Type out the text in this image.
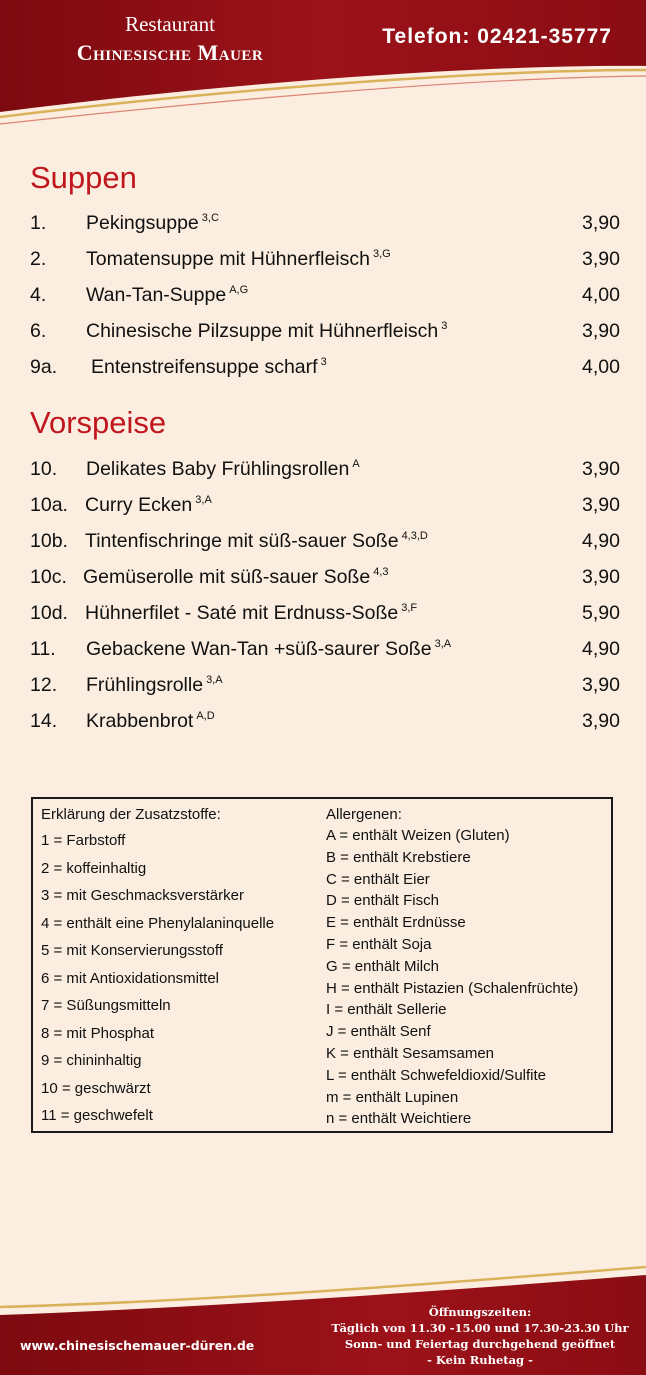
Restaurant
Chinesische Mauer
Telefon: 02421-35777
Suppen
1. Pekingsuppe $^{3,C}$	3,90
2. Tomatensuppe mit Hühnerfleisch $^{3,G}$	3,90
4. Wan-Tan-Suppe $^{A,G}$	4,00
6. Chinesische Pilzsuppe mit Hühnerfleisch $^3$	3,90
9a. Entenstreifensuppe scharf $^3$	4,00
Vorspeise
10. Delikates Baby Frühlingsrollen $^A$	3,90
10a. Curry Ecken $^{3,A}$	3,90
10b. Tintenfischringe mit süß-sauer Soße $^{4,3,D}$	4,90
10c. Gemüserolle mit süß-sauer Soße $^{4,3}$	3,90
10d. Hühnerfilet - Saté mit Erdnuss-Soße $^{3,F}$	5,90
11. Gebackene Wan-Tan +süß-saurer Soße $^{3,A}$	4,90
12. Frühlingsrolle $^{3,A}$	3,90
14. Krabbenbrot $^{A,D}$	3,90
Erklärung der Zusatzstoffe:
1 = Farbstoff
2 = koffeinhaltig
3 = mit Geschmacksverstärker
4 = enthält eine Phenylalaninquelle
5 = mit Konservierungsstoff
6 = mit Antioxidationsmittel
7 = Süßungsmitteln
8 = mit Phosphat
9 = chininhaltig
10 = geschwärzt
11 = geschwefelt
Allergenen:
A = enthält Weizen (Gluten)
B = enthält Krebstiere
C = enthält Eier
D = enthält Fisch
E = enthält Erdnüsse
F = enthält Soja
G = enthält Milch
H = enthält Pistazien (Schalenfrüchte)
I = enthält Sellerie
J = enthält Senf
K = enthält Sesamsamen
L = enthält Schwefeldioxid/Sulfite
m = enthält Lupinen
n = enthält Weichtiere
www.chinesischemauer-düren.de
Öffnungszeiten:
Täglich von 11.30 -15.00 und 17.30-23.30 Uhr
Sonn- und Feiertag durchgehend geöffnet
- Kein Ruhetag -
